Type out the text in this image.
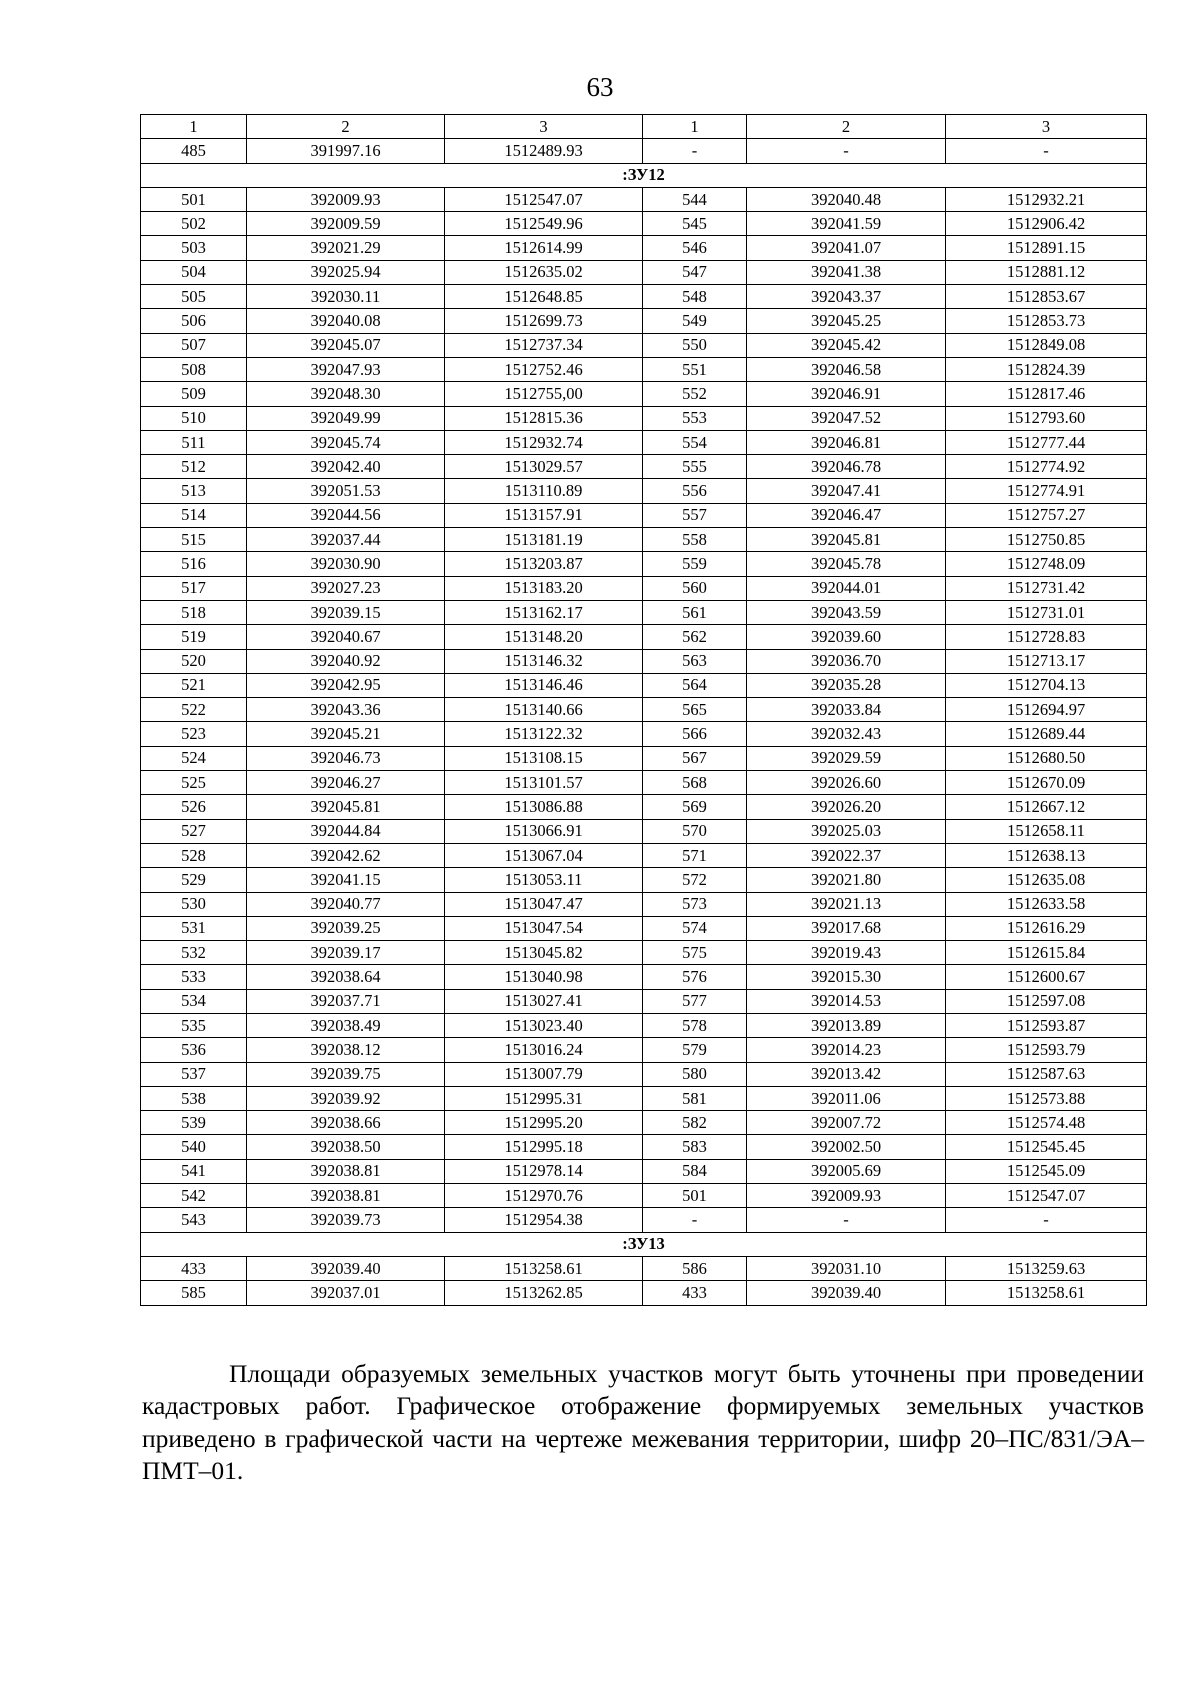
63
1	2	3	1	2	3
485	391997.16	1512489.93	-	-	-
:ЗУ12					
501	392009.93	1512547.07	544	392040.48	1512932.21
502	392009.59	1512549.96	545	392041.59	1512906.42
503	392021.29	1512614.99	546	392041.07	1512891.15
504	392025.94	1512635.02	547	392041.38	1512881.12
505	392030.11	1512648.85	548	392043.37	1512853.67
506	392040.08	1512699.73	549	392045.25	1512853.73
507	392045.07	1512737.34	550	392045.42	1512849.08
508	392047.93	1512752.46	551	392046.58	1512824.39
509	392048.30	1512755,00	552	392046.91	1512817.46
510	392049.99	1512815.36	553	392047.52	1512793.60
511	392045.74	1512932.74	554	392046.81	1512777.44
512	392042.40	1513029.57	555	392046.78	1512774.92
513	392051.53	1513110.89	556	392047.41	1512774.91
514	392044.56	1513157.91	557	392046.47	1512757.27
515	392037.44	1513181.19	558	392045.81	1512750.85
516	392030.90	1513203.87	559	392045.78	1512748.09
517	392027.23	1513183.20	560	392044.01	1512731.42
518	392039.15	1513162.17	561	392043.59	1512731.01
519	392040.67	1513148.20	562	392039.60	1512728.83
520	392040.92	1513146.32	563	392036.70	1512713.17
521	392042.95	1513146.46	564	392035.28	1512704.13
522	392043.36	1513140.66	565	392033.84	1512694.97
523	392045.21	1513122.32	566	392032.43	1512689.44
524	392046.73	1513108.15	567	392029.59	1512680.50
525	392046.27	1513101.57	568	392026.60	1512670.09
526	392045.81	1513086.88	569	392026.20	1512667.12
527	392044.84	1513066.91	570	392025.03	1512658.11
528	392042.62	1513067.04	571	392022.37	1512638.13
529	392041.15	1513053.11	572	392021.80	1512635.08
530	392040.77	1513047.47	573	392021.13	1512633.58
531	392039.25	1513047.54	574	392017.68	1512616.29
532	392039.17	1513045.82	575	392019.43	1512615.84
533	392038.64	1513040.98	576	392015.30	1512600.67
534	392037.71	1513027.41	577	392014.53	1512597.08
535	392038.49	1513023.40	578	392013.89	1512593.87
536	392038.12	1513016.24	579	392014.23	1512593.79
537	392039.75	1513007.79	580	392013.42	1512587.63
538	392039.92	1512995.31	581	392011.06	1512573.88
539	392038.66	1512995.20	582	392007.72	1512574.48
540	392038.50	1512995.18	583	392002.50	1512545.45
541	392038.81	1512978.14	584	392005.69	1512545.09
542	392038.81	1512970.76	501	392009.93	1512547.07
543	392039.73	1512954.38	-	-	-
:ЗУ13					
433	392039.40	1513258.61	586	392031.10	1513259.63
585	392037.01	1513262.85	433	392039.40	1513258.61

Площади образуемых земельных участков могут быть уточнены при проведении кадастровых работ. Графическое отображение формируемых земельных участков приведено в графической части на чертеже межевания территории, шифр 20–ПС/831/ЭА–ПМТ–01.
